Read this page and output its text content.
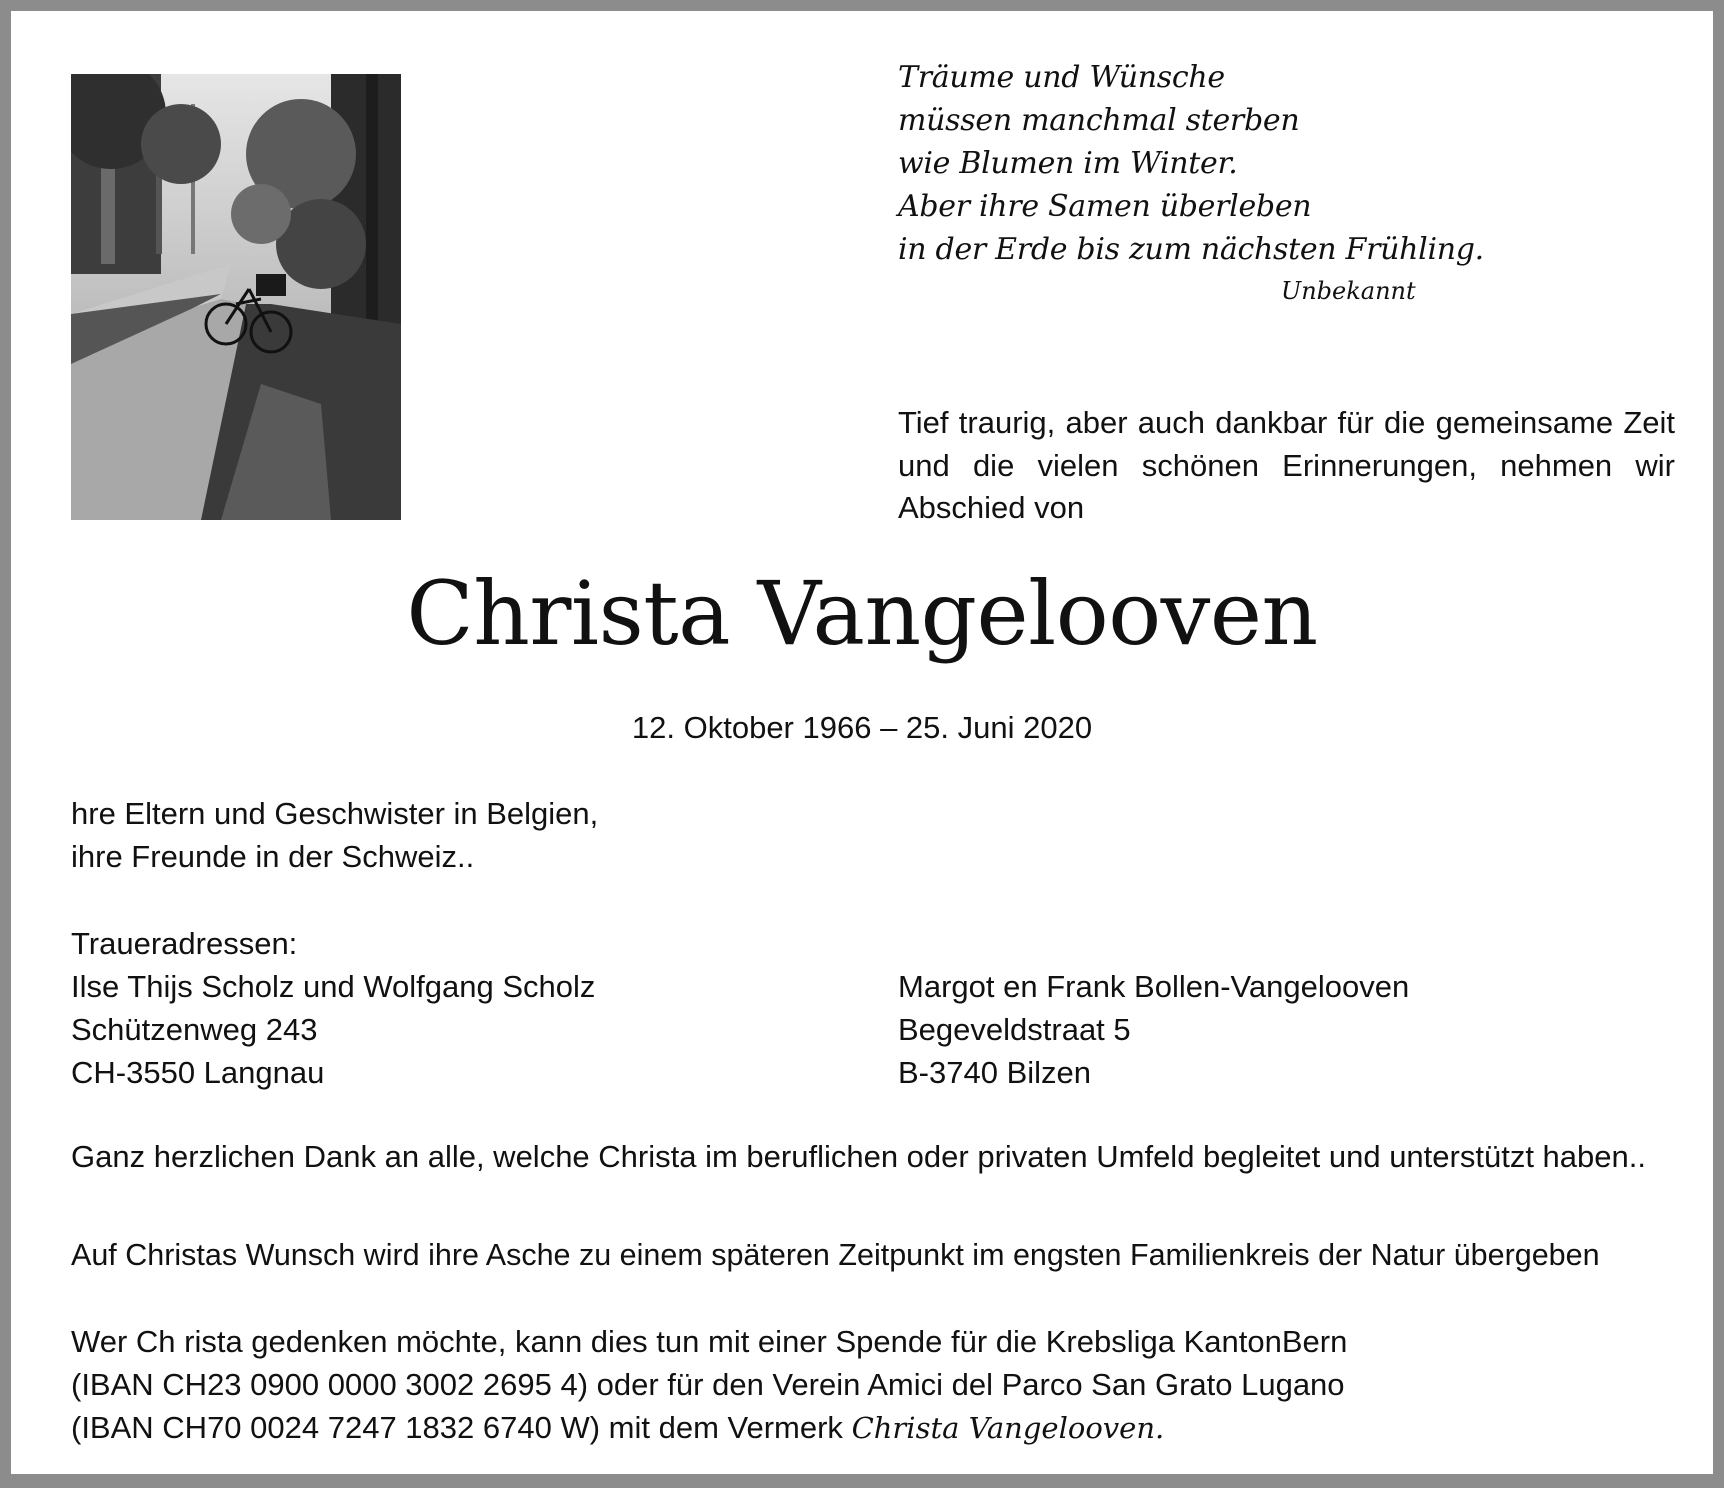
Träume und Wünsche
müssen manchmal sterben
wie Blumen im Winter.
Aber ihre Samen überleben
in der Erde bis zum nächsten Frühling.
Unbekannt
Tief traurig, aber auch dankbar für die gemeinsame Zeit und die vielen schönen Erinnerungen, nehmen wir Abschied von
Christa Vangelooven
12. Oktober 1966 – 25. Juni 2020
hre Eltern und Geschwister in Belgien,
ihre Freunde in der Schweiz..
Traueradressen:
Ilse Thijs Scholz und Wolfgang Scholz
Schützenweg 243
CH-3550 Langnau
Margot en Frank Bollen-Vangelooven
Begeveldstraat 5
B-3740 Bilzen
Ganz herzlichen Dank an alle, welche Christa im beruflichen oder privaten Umfeld begleitet und unterstützt haben..
Auf Christas Wunsch wird ihre Asche zu einem späteren Zeitpunkt im engsten Familienkreis der Natur übergeben
Wer Ch rista gedenken möchte, kann dies tun mit einer Spende für die Krebsliga KantonBern
(IBAN CH23 0900 0000 3002 2695 4) oder für den Verein Amici del Parco San Grato Lugano
(IBAN CH70 0024 7247 1832 6740 W) mit dem Vermerk Christa Vangelooven.
